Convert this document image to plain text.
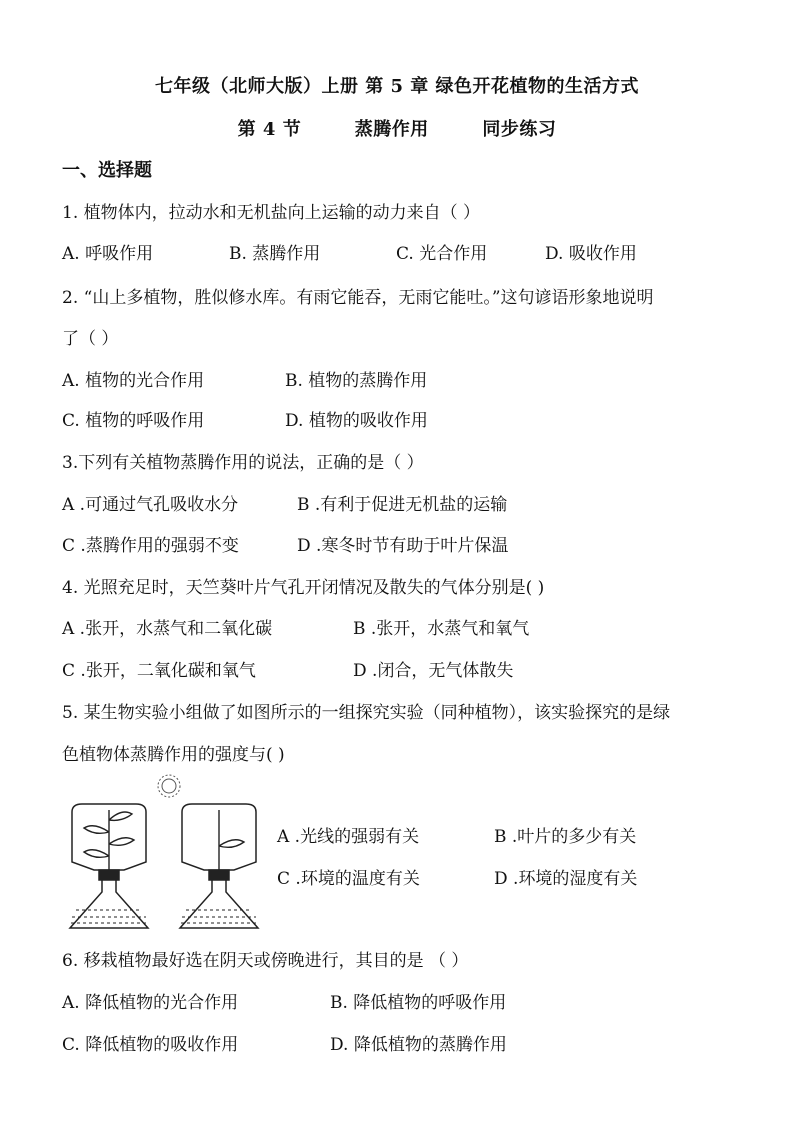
七年级（北师大版）上册 第 5 章 绿色开花植物的生活方式
第 4 节	蒸腾作用	同步练习
一、选择题
1. 植物体内，拉动水和无机盐向上运输的动力来自（ ）
A. 呼吸作用	B. 蒸腾作用	C. 光合作用	D. 吸收作用
2. “山上多植物，胜似修水库。有雨它能吞，无雨它能吐。”这句谚语形象地说明
了（ ）
A. 植物的光合作用	B. 植物的蒸腾作用
C. 植物的呼吸作用	D. 植物的吸收作用
3.下列有关植物蒸腾作用的说法，正确的是（ ）
A .可通过气孔吸收水分	B .有利于促进无机盐的运输
C .蒸腾作用的强弱不变	D .寒冬时节有助于叶片保温
4. 光照充足时，天竺葵叶片气孔开闭情况及散失的气体分别是( )
A .张开，水蒸气和二氧化碳	B .张开，水蒸气和氧气
C .张开，二氧化碳和氧气	D .闭合，无气体散失
5. 某生物实验小组做了如图所示的一组探究实验（同种植物），该实验探究的是绿
色植物体蒸腾作用的强度与( )
A .光线的强弱有关	B .叶片的多少有关
C .环境的温度有关	D .环境的湿度有关
6. 移栽植物最好选在阴天或傍晚进行，其目的是 （ ）
A. 降低植物的光合作用	B. 降低植物的呼吸作用
C. 降低植物的吸收作用	D. 降低植物的蒸腾作用
